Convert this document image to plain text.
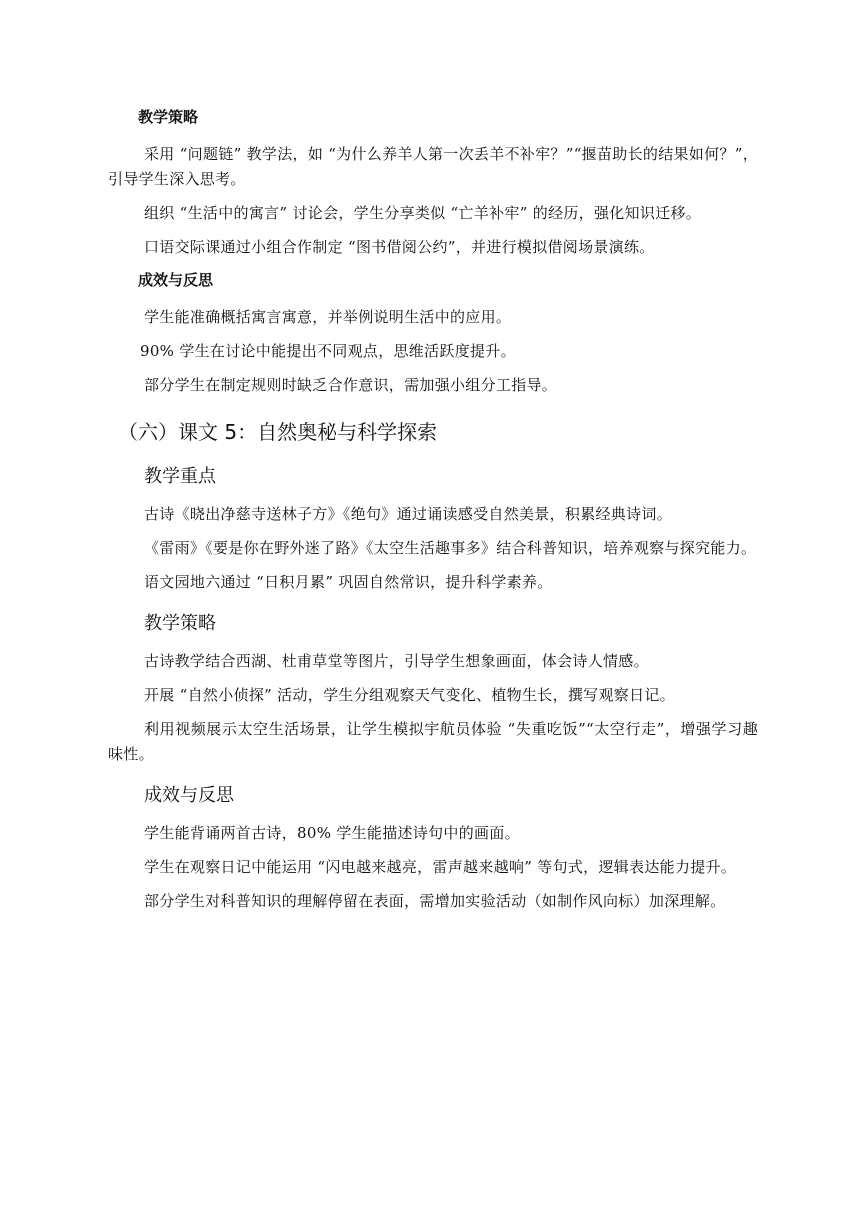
教学策略

采用 “问题链” 教学法，如 “为什么养羊人第一次丢羊不补牢？”“揠苗助长的结果如何？”，引导学生深入思考。

组织 “生活中的寓言” 讨论会，学生分享类似 “亡羊补牢” 的经历，强化知识迁移。

口语交际课通过小组合作制定 “图书借阅公约”，并进行模拟借阅场景演练。

成效与反思

学生能准确概括寓言寓意，并举例说明生活中的应用。

90% 学生在讨论中能提出不同观点，思维活跃度提升。

部分学生在制定规则时缺乏合作意识，需加强小组分工指导。

（六）课文 5：自然奥秘与科学探索
教学重点

古诗《晓出净慈寺送林子方》《绝句》通过诵读感受自然美景，积累经典诗词。

《雷雨》《要是你在野外迷了路》《太空生活趣事多》结合科普知识，培养观察与探究能力。

语文园地六通过 “日积月累” 巩固自然常识，提升科学素养。

教学策略

古诗教学结合西湖、杜甫草堂等图片，引导学生想象画面，体会诗人情感。

开展 “自然小侦探” 活动，学生分组观察天气变化、植物生长，撰写观察日记。

利用视频展示太空生活场景，让学生模拟宇航员体验 “失重吃饭”“太空行走”，增强学习趣味性。

成效与反思

学生能背诵两首古诗，80% 学生能描述诗句中的画面。

学生在观察日记中能运用 “闪电越来越亮，雷声越来越响” 等句式，逻辑表达能力提升。

部分学生对科普知识的理解停留在表面，需增加实验活动（如制作风向标）加深理解。
